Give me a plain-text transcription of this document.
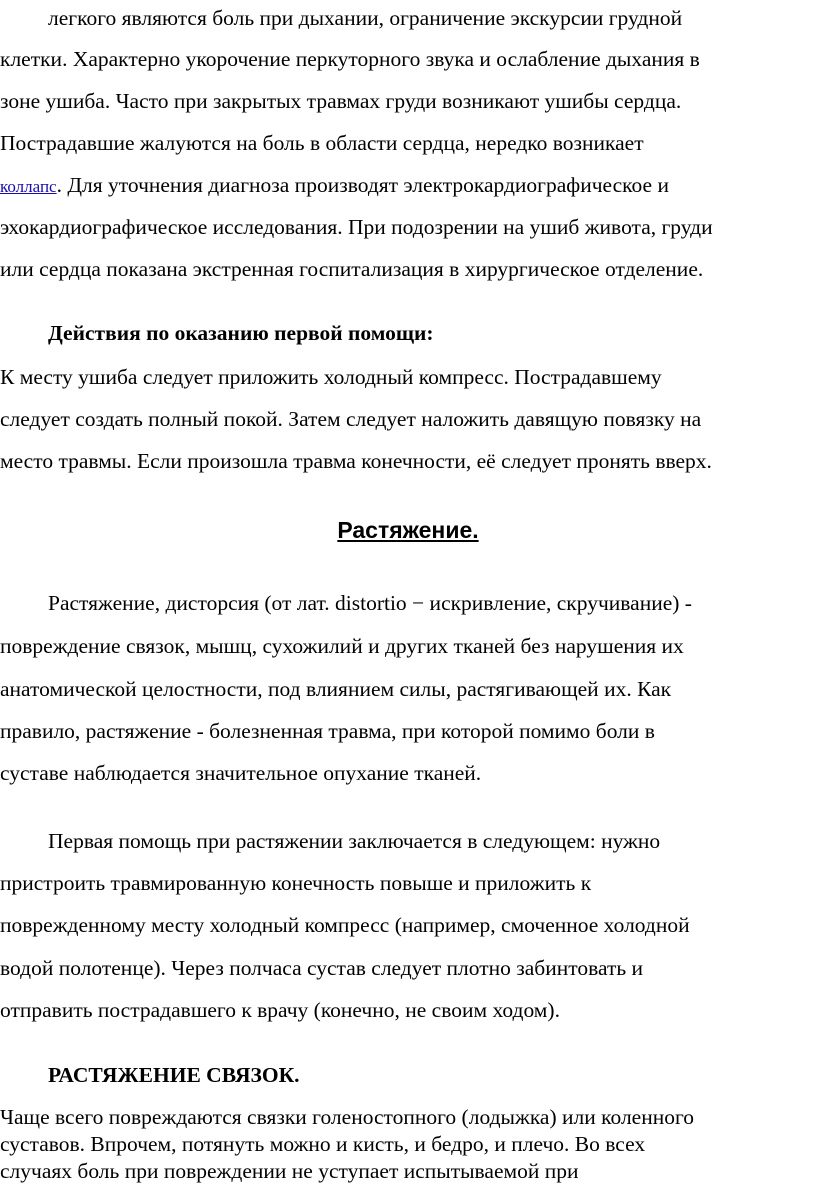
легкого являются боль при дыхании, ограничение экскурсии грудной
клетки. Характерно укорочение перкуторного звука и ослабление дыхания в
зоне ушиба. Часто при закрытых травмах груди возникают ушибы сердца.
Пострадавшие жалуются на боль в области сердца, нередко возникает
коллапс. Для уточнения диагноза производят электрокардиографическое и
эхокардиографическое исследования. При подозрении на ушиб живота, груди
или сердца показана экстренная госпитализация в хирургическое отделение.
Действия по оказанию первой помощи:
К месту ушиба следует приложить холодный компресс. Пострадавшему
следует создать полный покой. Затем следует наложить давящую повязку на
место травмы. Если произошла травма конечности, её следует пронять вверх.
Растяжение.
Растяжение, дисторсия (от лат. distortio − искривление, скручивание) -
повреждение связок, мышц, сухожилий и других тканей без нарушения их
анатомической целостности, под влиянием силы, растягивающей их. Как
правило, растяжение - болезненная травма, при которой помимо боли в
суставе наблюдается значительное опухание тканей.
Первая помощь при растяжении заключается в следующем: нужно
пристроить травмированную конечность повыше и приложить к
поврежденному месту холодный компресс (например, смоченное холодной
водой полотенце). Через полчаса сустав следует плотно забинтовать и
отправить пострадавшего к врачу (конечно, не своим ходом).
РАСТЯЖЕНИЕ СВЯЗОК.
Чаще всего повреждаются связки голеностопного (лодыжка) или коленного
суставов. Впрочем, потянуть можно и кисть, и бедро, и плечо. Во всех
случаях боль при повреждении не уступает испытываемой при
